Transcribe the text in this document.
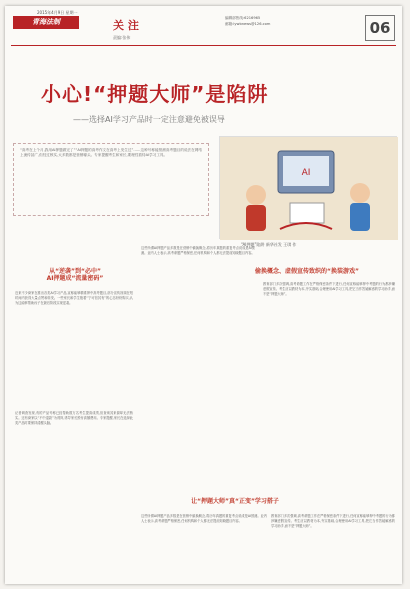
2015年4月9日 星期一
青海法制	关 注
责编:张伟
编辑部热线:6216965
邮箱:lywbnews@126.com	06
小心!“押题大师”是陷阱
——选择AI学习产品时一定注意避免被误导
“高考在上个月,我用AI押题做完了”“AI押题的高考作文在高考上发生过”……这种号称能预测高考题目的说法在网络上流传甚广,但经过核实,大多数都是营销噱头。专家提醒考生和家长,要理性看待AI学习工具。
AI
“AI押题”陷阱 新华社发 王琪 作
从“逆袭”到“必中”
AI押题成“流量密码”
近来不少商家在推出各类AI学习产品,宣称能够精准押中高考题目,部分宣传视频在短时间内获得大量点赞和转发。一些家长和学生抱着“宁可信其有”的心态纷纷购买,认为这能够帮助孩子在最后阶段实现逆袭。
记者调查发现,有的产品号称已经帮助数万名考生提高成绩,但查询其来源却无法核实。还有商家以“不中退款”为诱饵,诱导家长预付高额费用。专家提醒,家长在选择此类产品时要保持清醒头脑。
这些所谓AI押题产品多数是在营销中偷换概念,将历年真题的重复考点说成是AI预测。业内人士表示,高考命题严格保密,任何机构和个人都无法提前知晓题目内容。
偷换概念、虚假宣传致织的“换装游戏”
教育部门多次强调,高考命题工作在严格保密条件下进行,任何宣称能够押中考题的行为都涉嫌虚假宣传。考生应以教材为本,夯实基础,合理使用AI学习工具,把它当作答疑解惑的学习助手,而不是“押题大师”。
让“押题大师”真“正变”学习搭子
这些所谓AI押题产品多数是在营销中偷换概念,将历年真题的重复考点说成是AI预测。业内人士表示,高考命题严格保密,任何机构和个人都无法提前知晓题目内容。
教育部门多次强调,高考命题工作在严格保密条件下进行,任何宣称能够押中考题的行为都涉嫌虚假宣传。考生应以教材为本,夯实基础,合理使用AI学习工具,把它当作答疑解惑的学习助手,而不是“押题大师”。
